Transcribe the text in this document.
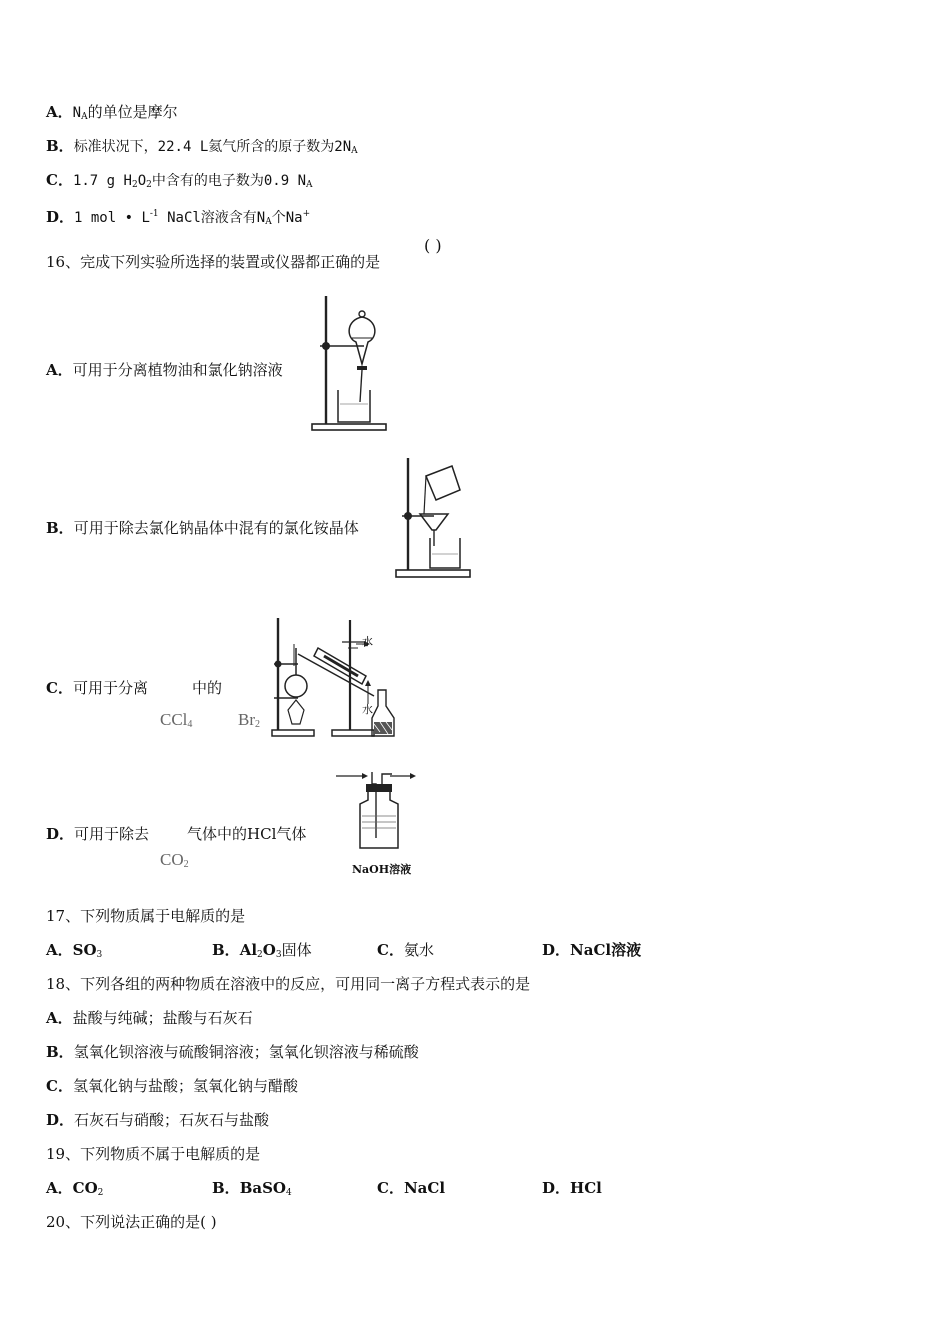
A．$N_A$的单位是摩尔
B．标准状况下，22.4 L氦气所含的原子数为$2N_A$
C．1.7 g $H_2O_2$中含有的电子数为0.9 $N_A$
D．1 mol • $L^{-1}$ NaCl溶液含有$N_A$个Na+
16、完成下列实验所选择的装置或仪器都正确的是
( )
A．可用于分离植物油和氯化钠溶液
B．可用于除去氯化钠晶体中混有的氯化铵晶体
C．可用于分离	中的
CCl$_4$	$Br_2$
水
水
D．可用于除去	气体中的HCl气体
$CO_2$	NaOH溶液
17、下列物质属于电解质的是
A．$SO_3$	B．$Al_2O_3$固体	C．氨水	D．NaCl溶液
18、下列各组的两种物质在溶液中的反应，可用同一离子方程式表示的是
A．盐酸与纯碱；盐酸与石灰石
B．氢氧化钡溶液与硫酸铜溶液；氢氧化钡溶液与稀硫酸
C．氢氧化钠与盐酸；氢氧化钠与醋酸
D．石灰石与硝酸；石灰石与盐酸
19、下列物质不属于电解质的是
A．$CO_2$	B．BaSO$_4$	C．NaCl	D．HCl
20、下列说法正确的是( )
